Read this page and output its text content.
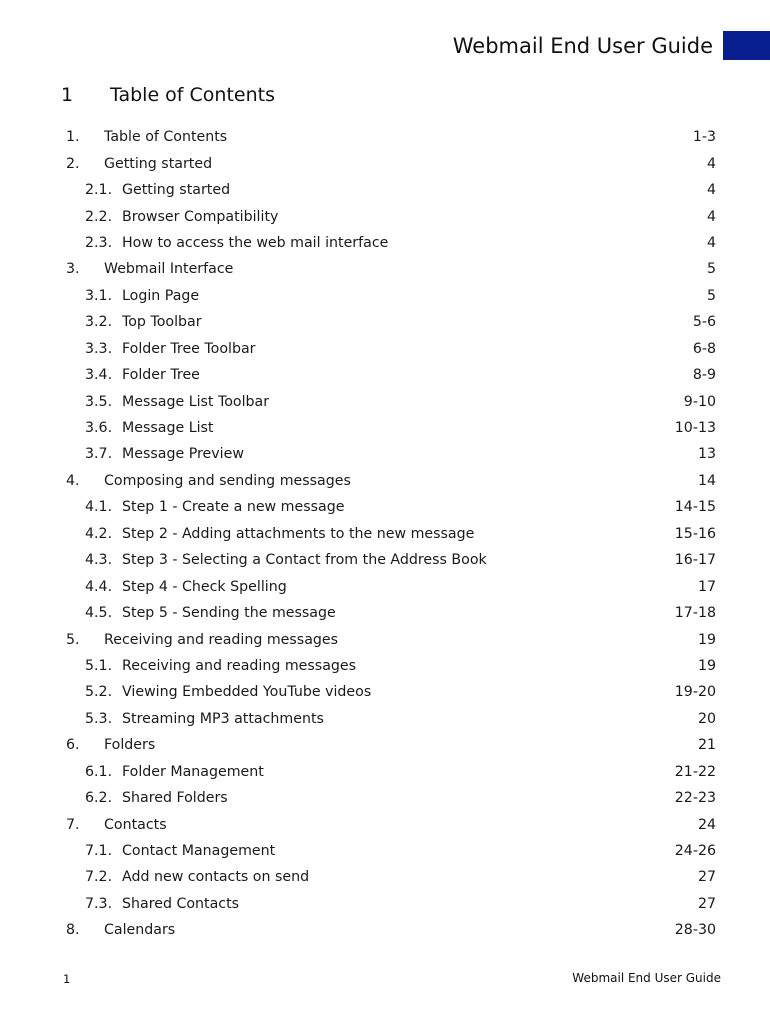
Webmail End User Guide
1 Table of Contents
1.	Table of Contents	1-3
2.	Getting started	4
2.1. Getting started	4
2.2. Browser Compatibility	4
2.3. How to access the web mail interface	4
3.	Webmail Interface	5
3.1. Login Page	5
3.2. Top Toolbar	5-6
3.3. Folder Tree Toolbar	6-8
3.4. Folder Tree	8-9
3.5. Message List Toolbar	9-10
3.6. Message List	10-13
3.7. Message Preview	13
4.	Composing and sending messages	14
4.1. Step 1 - Create a new message	14-15
4.2. Step 2 - Adding attachments to the new message	15-16
4.3. Step 3 - Selecting a Contact from the Address Book	16-17
4.4. Step 4 - Check Spelling	17
4.5. Step 5 - Sending the message	17-18
5.	Receiving and reading messages	19
5.1. Receiving and reading messages	19
5.2. Viewing Embedded YouTube videos	19-20
5.3. Streaming MP3 attachments	20
6.	Folders	21
6.1. Folder Management	21-22
6.2. Shared Folders	22-23
7.	Contacts	24
7.1. Contact Management	24-26
7.2. Add new contacts on send	27
7.3. Shared Contacts	27
8.	Calendars	28-30
1	Webmail End User Guide
